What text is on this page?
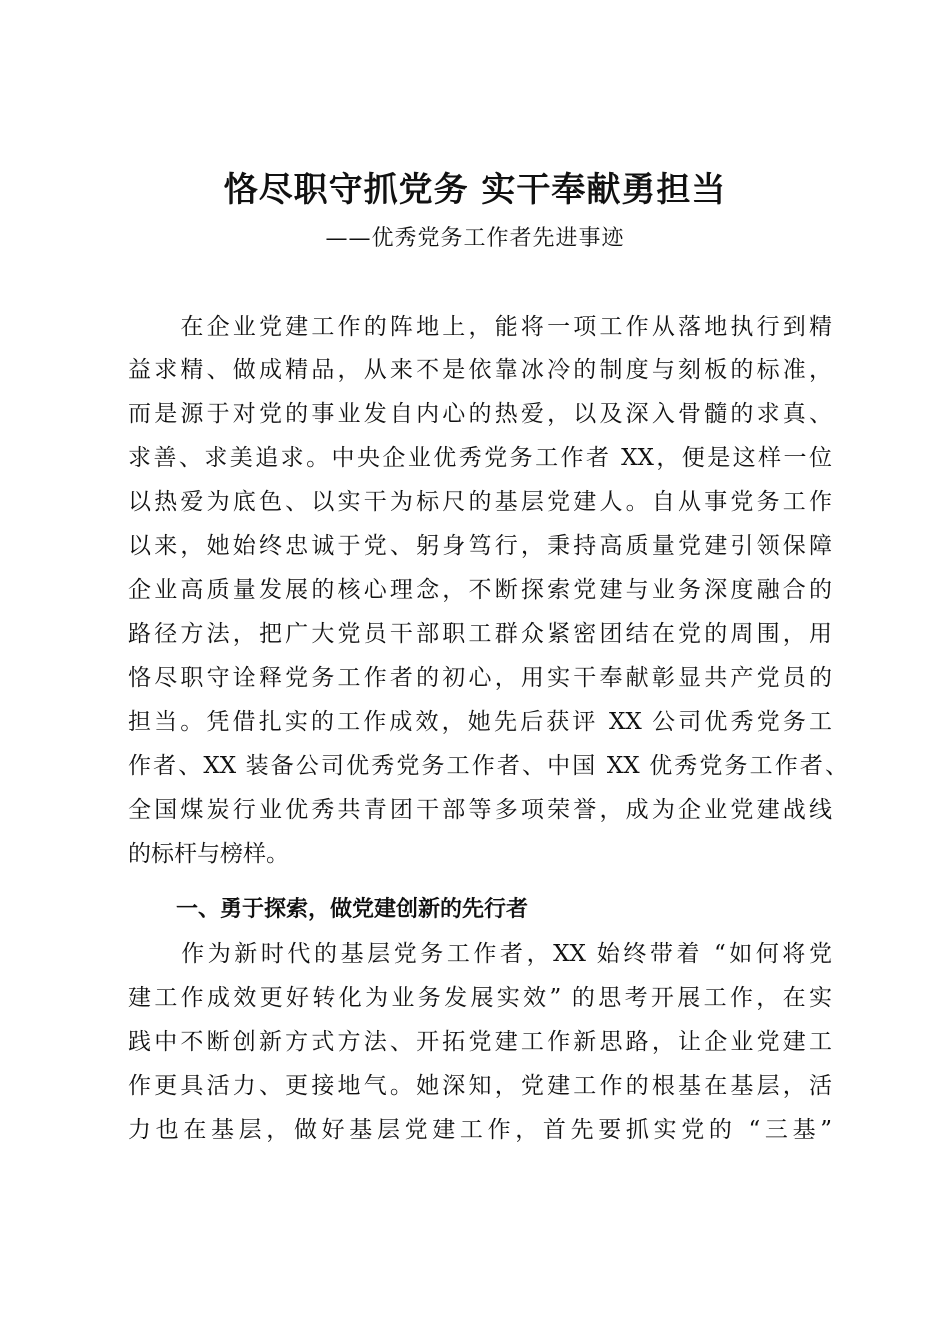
恪尽职守抓党务 实干奉献勇担当
——优秀党务工作者先进事迹
　　在企业党建工作的阵地上，能将一项工作从落地执行到精
益求精、做成精品，从来不是依靠冰冷的制度与刻板的标准，
而是源于对党的事业发自内心的热爱，以及深入骨髓的求真、
求善、求美追求。中央企业优秀党务工作者 XX，便是这样一位
以热爱为底色、以实干为标尺的基层党建人。自从事党务工作
以来，她始终忠诚于党、躬身笃行，秉持高质量党建引领保障
企业高质量发展的核心理念，不断探索党建与业务深度融合的
路径方法，把广大党员干部职工群众紧密团结在党的周围，用
恪尽职守诠释党务工作者的初心，用实干奉献彰显共产党员的
担当。凭借扎实的工作成效，她先后获评 XX 公司优秀党务工
作者、XX 装备公司优秀党务工作者、中国 XX 优秀党务工作者、
全国煤炭行业优秀共青团干部等多项荣誉，成为企业党建战线
的标杆与榜样。
一、勇于探索，做党建创新的先行者
　　作为新时代的基层党务工作者，XX 始终带着 “如何将党
建工作成效更好转化为业务发展实效” 的思考开展工作，在实
践中不断创新方式方法、开拓党建工作新思路，让企业党建工
作更具活力、更接地气。她深知，党建工作的根基在基层，活
力也在基层，做好基层党建工作，首先要抓实党的 “三基”
